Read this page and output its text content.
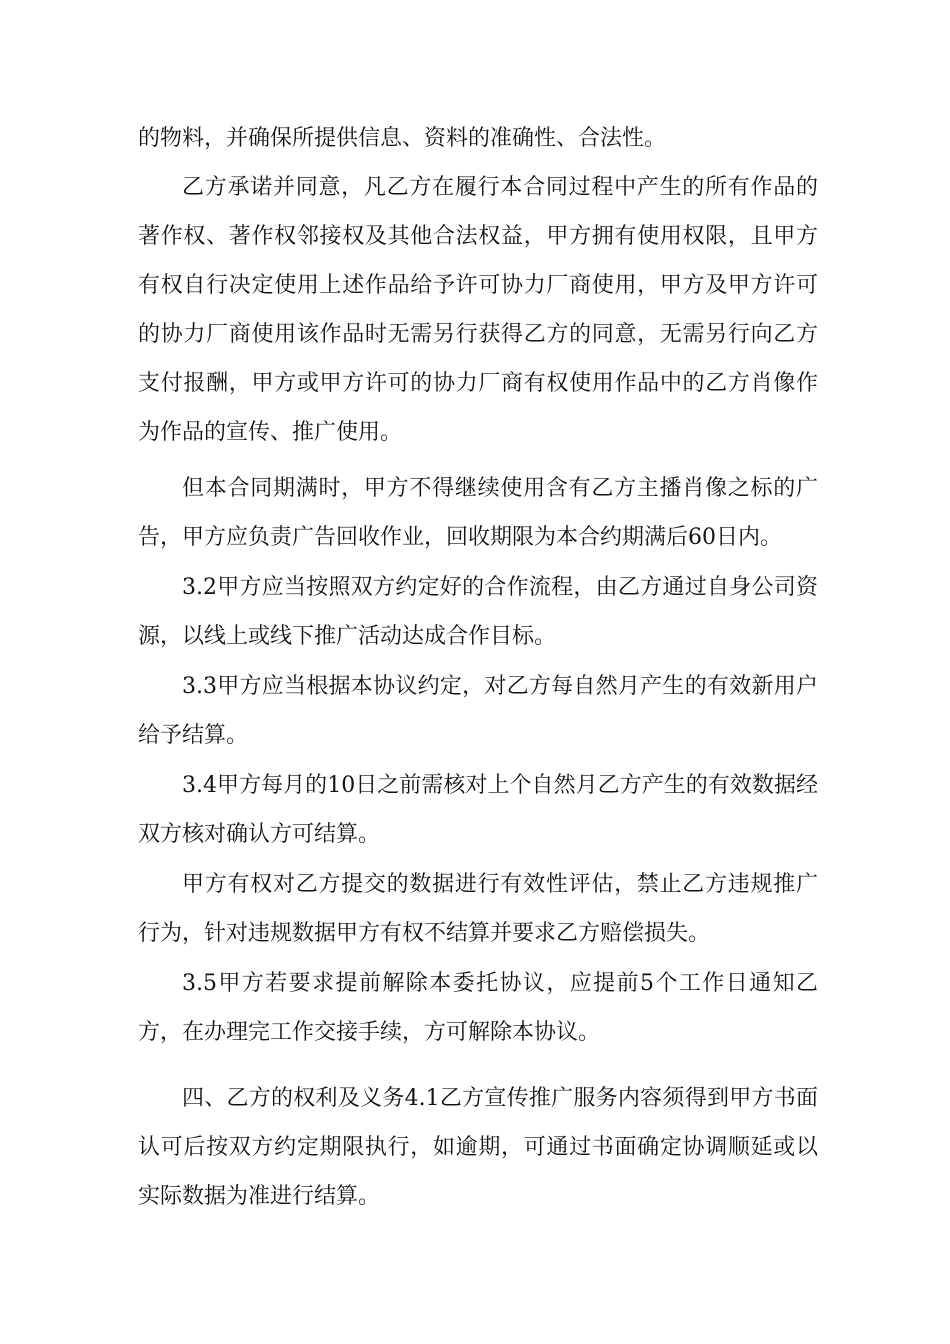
的物料，并确保所提供信息、资料的准确性、合法性。

乙方承诺并同意，凡乙方在履行本合同过程中产生的所有作品的著作权、著作权邻接权及其他合法权益，甲方拥有使用权限，且甲方有权自行决定使用上述作品给予许可协力厂商使用，甲方及甲方许可的协力厂商使用该作品时无需另行获得乙方的同意，无需另行向乙方支付报酬，甲方或甲方许可的协力厂商有权使用作品中的乙方肖像作为作品的宣传、推广使用。

但本合同期满时，甲方不得继续使用含有乙方主播肖像之标的广告，甲方应负责广告回收作业，回收期限为本合约期满后60日内。

3.2甲方应当按照双方约定好的合作流程，由乙方通过自身公司资源，以线上或线下推广活动达成合作目标。

3.3甲方应当根据本协议约定，对乙方每自然月产生的有效新用户给予结算。

3.4甲方每月的10日之前需核对上个自然月乙方产生的有效数据经双方核对确认方可结算。

甲方有权对乙方提交的数据进行有效性评估，禁止乙方违规推广行为，针对违规数据甲方有权不结算并要求乙方赔偿损失。

3.5甲方若要求提前解除本委托协议，应提前5个工作日通知乙方，在办理完工作交接手续，方可解除本协议。

四、乙方的权利及义务4.1乙方宣传推广服务内容须得到甲方书面认可后按双方约定期限执行，如逾期，可通过书面确定协调顺延或以实际数据为准进行结算。
